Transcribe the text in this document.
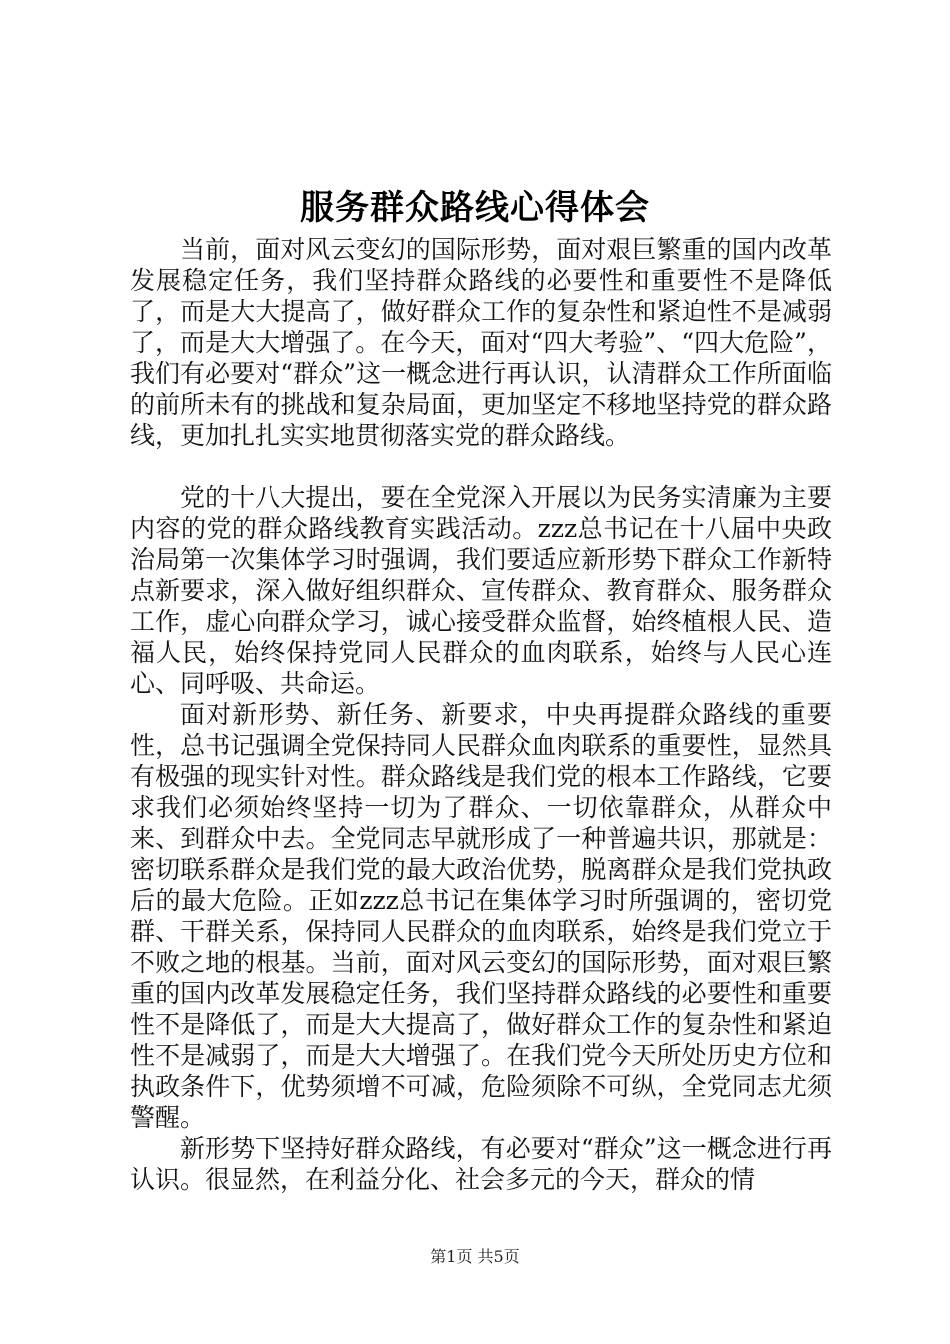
服务群众路线心得体会

当前，面对风云变幻的国际形势，面对艰巨繁重的国内改革发展稳定任务，我们坚持群众路线的必要性和重要性不是降低了，而是大大提高了，做好群众工作的复杂性和紧迫性不是减弱了，而是大大增强了。在今天，面对“四大考验”、“四大危险”，我们有必要对“群众”这一概念进行再认识，认清群众工作所面临的前所未有的挑战和复杂局面，更加坚定不移地坚持党的群众路线，更加扎扎实实地贯彻落实党的群众路线。

党的十八大提出，要在全党深入开展以为民务实清廉为主要内容的党的群众路线教育实践活动。zzz总书记在十八届中央政治局第一次集体学习时强调，我们要适应新形势下群众工作新特点新要求，深入做好组织群众、宣传群众、教育群众、服务群众工作，虚心向群众学习，诚心接受群众监督，始终植根人民、造福人民，始终保持党同人民群众的血肉联系，始终与人民心连心、同呼吸、共命运。

面对新形势、新任务、新要求，中央再提群众路线的重要性，总书记强调全党保持同人民群众血肉联系的重要性，显然具有极强的现实针对性。群众路线是我们党的根本工作路线，它要求我们必须始终坚持一切为了群众、一切依靠群众，从群众中来、到群众中去。全党同志早就形成了一种普遍共识，那就是：密切联系群众是我们党的最大政治优势，脱离群众是我们党执政后的最大危险。正如zzz总书记在集体学习时所强调的，密切党群、干群关系，保持同人民群众的血肉联系，始终是我们党立于不败之地的根基。当前，面对风云变幻的国际形势，面对艰巨繁重的国内改革发展稳定任务，我们坚持群众路线的必要性和重要性不是降低了，而是大大提高了，做好群众工作的复杂性和紧迫性不是减弱了，而是大大增强了。在我们党今天所处历史方位和执政条件下，优势须增不可减，危险须除不可纵，全党同志尤须警醒。

新形势下坚持好群众路线，有必要对“群众”这一概念进行再认识。很显然，在利益分化、社会多元的今天，群众的情

第1页 共5页
